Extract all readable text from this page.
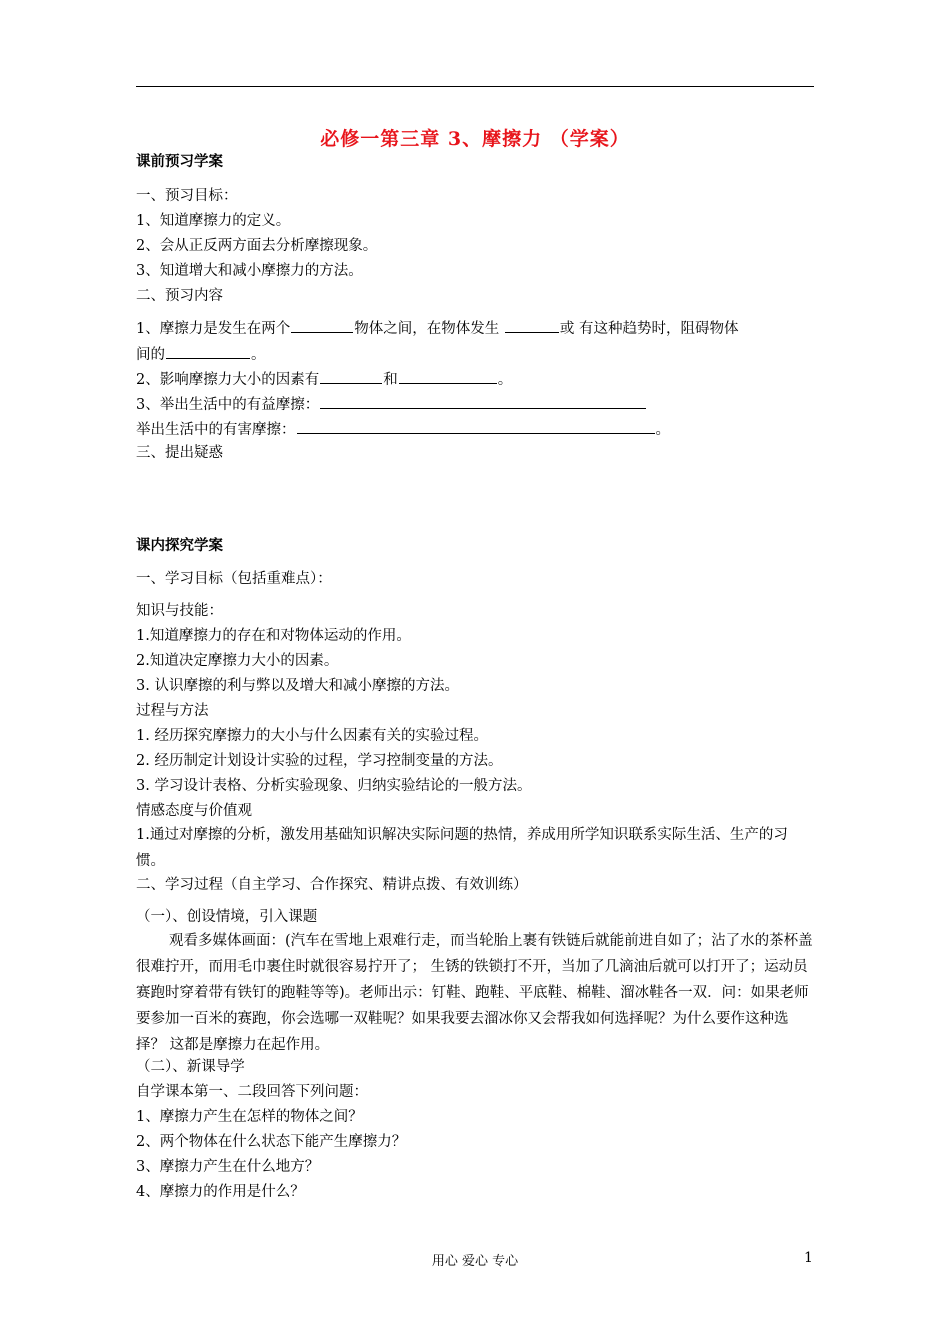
必修一第三章 3、摩擦力 （学案）
课前预习学案
一、预习目标：
1、知道摩擦力的定义。
2、会从正反两方面去分析摩擦现象。
3、知道增大和减小摩擦力的方法。
二、预习内容
1、摩擦力是发生在两个	物体之间，在物体发生	或 有这种趋势时，阻碍物体
间的	。
2、影响摩擦力大小的因素有	和	。
3、举出生活中的有益摩擦：
举出生活中的有害摩擦：	。
三、提出疑惑
课内探究学案
一、学习目标（包括重难点）：
知识与技能：
1.知道摩擦力的存在和对物体运动的作用。
2.知道决定摩擦力大小的因素。
3. 认识摩擦的利与弊以及增大和减小摩擦的方法。
过程与方法
1. 经历探究摩擦力的大小与什么因素有关的实验过程。
2. 经历制定计划设计实验的过程，学习控制变量的方法。
3. 学习设计表格、分析实验现象、归纳实验结论的一般方法。
情感态度与价值观
1.通过对摩擦的分析，激发用基础知识解决实际问题的热情，养成用所学知识联系实际生活、生产的习惯。
二、学习过程（自主学习、合作探究、精讲点拨、有效训练）
（一）、创设情境，引入课题
观看多媒体画面：(汽车在雪地上艰难行走，而当轮胎上裹有铁链后就能前进自如了；沾了水的茶杯盖很难拧开，而用毛巾裹住时就很容易拧开了； 生锈的铁锁打不开，当加了几滴油后就可以打开了；运动员赛跑时穿着带有铁钉的跑鞋等等)。老师出示：钉鞋、跑鞋、平底鞋、棉鞋、溜冰鞋各一双．问：如果老师要参加一百米的赛跑，你会选哪一双鞋呢？如果我要去溜冰你又会帮我如何选择呢？为什么要作这种选择？ 这都是摩擦力在起作用。
（二）、新课导学
自学课本第一、二段回答下列问题：
1、摩擦力产生在怎样的物体之间？
2、两个物体在什么状态下能产生摩擦力？
3、摩擦力产生在什么地方？
4、摩擦力的作用是什么？
用心 爱心 专心	1
